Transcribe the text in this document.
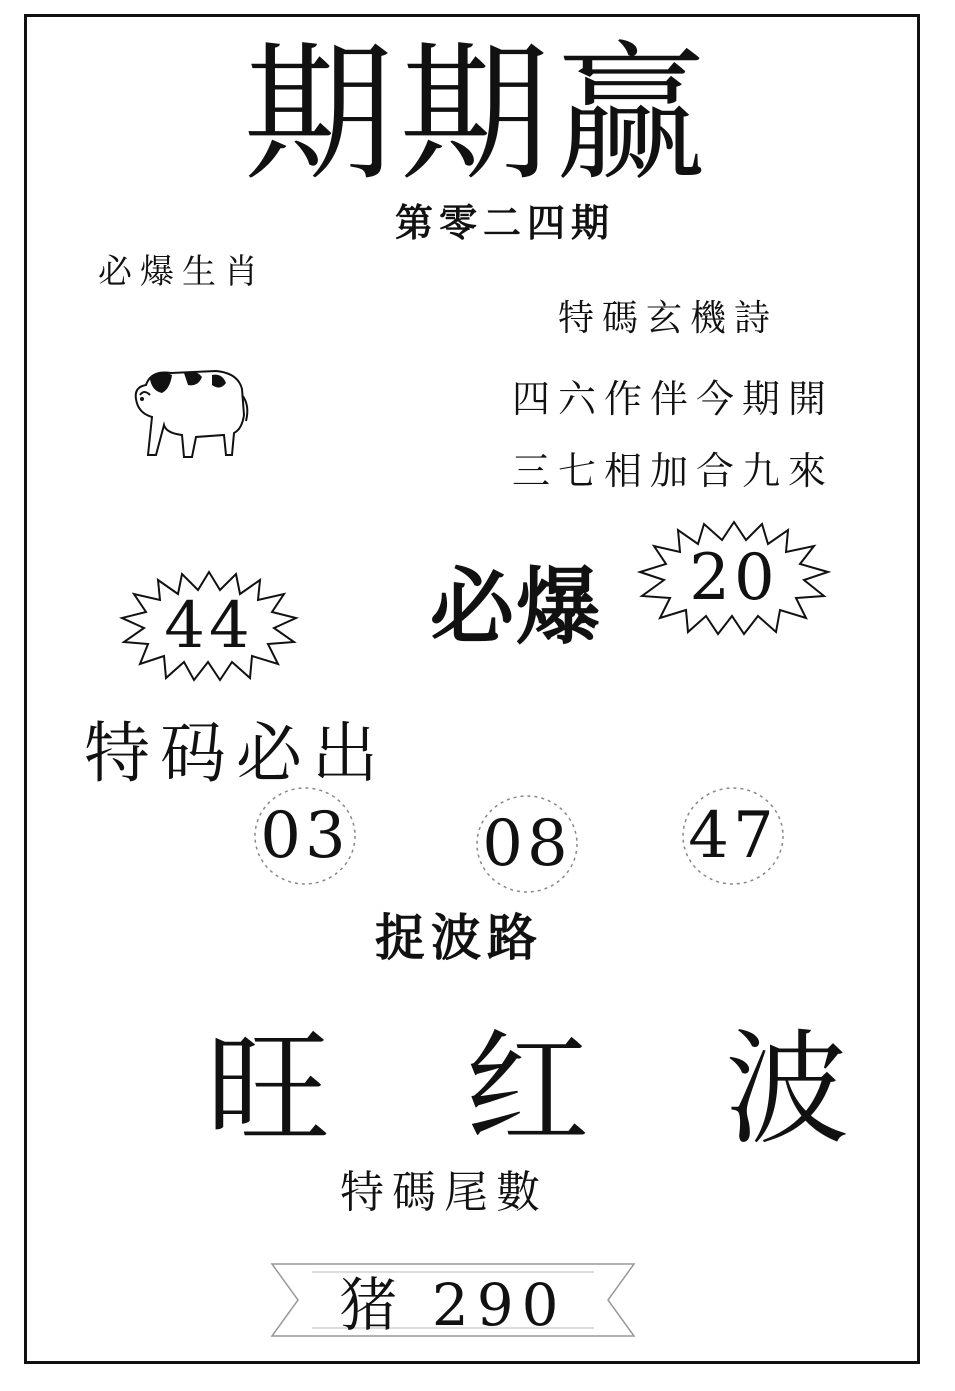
期期赢
第零二四期
必爆生肖
特碼玄機詩
四六作伴今期開
三七相加合九來
44	必爆	20
特码必出
03 08 47
捉波路
旺 红 波
特碼尾數
猪 290
